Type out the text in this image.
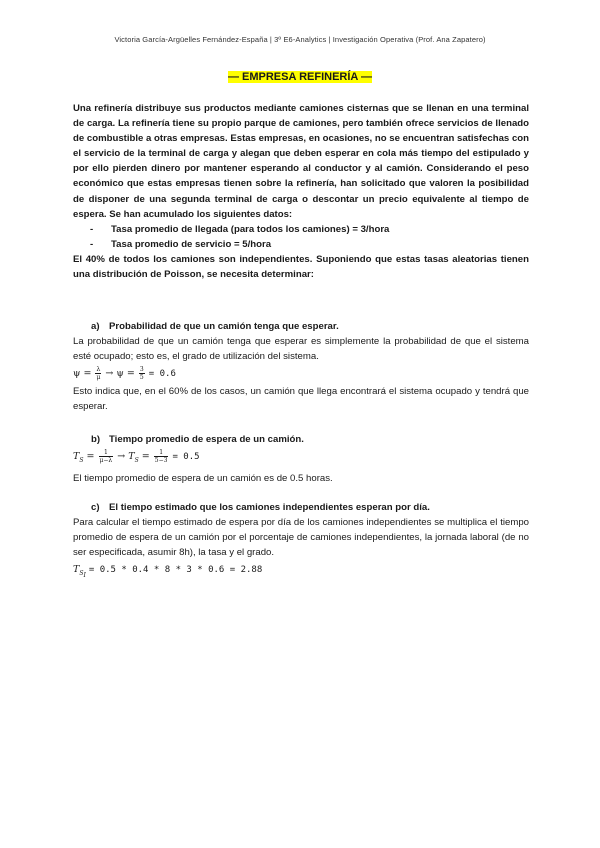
Victoria García-Argüelles Fernández-España | 3º E6-Analytics | Investigación Operativa (Prof. Ana Zapatero)
— EMPRESA REFINERÍA —

Una refinería distribuye sus productos mediante camiones cisternas que se llenan en una terminal de carga. La refinería tiene su propio parque de camiones, pero también ofrece servicios de llenado de combustible a otras empresas. Estas empresas, en ocasiones, no se encuentran satisfechas con el servicio de la terminal de carga y alegan que deben esperar en cola más tiempo del estipulado y por ello pierden dinero por mantener esperando al conductor y al camión. Considerando el peso económico que estas empresas tienen sobre la refinería, han solicitado que valoren la posibilidad de disponer de una segunda terminal de carga o descontar un precio equivalente al tiempo de espera. Se han acumulado los siguientes datos:

- Tasa promedio de llegada (para todos los camiones) = 3/hora
- Tasa promedio de servicio = 5/hora

El 40% de todos los camiones son independientes. Suponiendo que estas tasas aleatorias tienen una distribución de Poisson, se necesita determinar:

a) Probabilidad de que un camión tenga que esperar.

La probabilidad de que un camión tenga que esperar es simplemente la probabilidad de que el sistema esté ocupado; esto es, el grado de utilización del sistema.

$\psi = \frac{\lambda}{\mu} \to \psi = \frac{3}{5} = 0.6$

Esto indica que, en el 60% de los casos, un camión que llega encontrará el sistema ocupado y tendrá que esperar.

b) Tiempo promedio de espera de un camión.

$T_S = \frac{1}{\mu-\lambda} \to T_S = \frac{1}{5-3} = 0.5$

El tiempo promedio de espera de un camión es de 0.5 horas.

c) El tiempo estimado que los camiones independientes esperan por día.

Para calcular el tiempo estimado de espera por día de los camiones independientes se multiplica el tiempo promedio de espera de un camión por el porcentaje de camiones independientes, la jornada laboral (de no ser especificada, asumir 8h), la tasa y el grado.

$T_{S_I} = 0.5 * 0.4 * 8 * 3 * 0.6 = 2.88$
